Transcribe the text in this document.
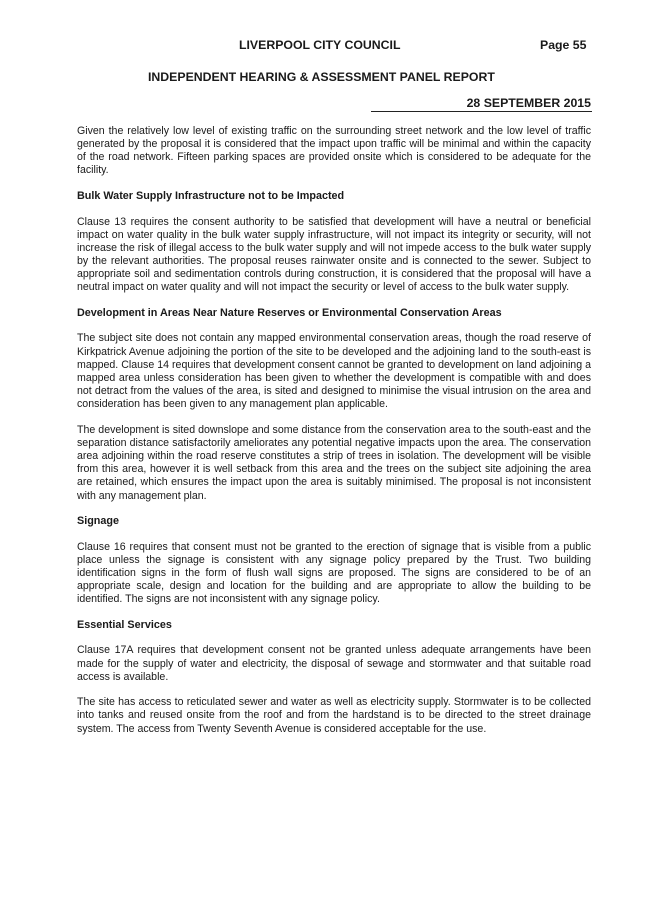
LIVERPOOL CITY COUNCIL	Page 55
INDEPENDENT HEARING & ASSESSMENT PANEL REPORT
28 SEPTEMBER 2015

Given the relatively low level of existing traffic on the surrounding street network and the low level of traffic generated by the proposal it is considered that the impact upon traffic will be minimal and within the capacity of the road network. Fifteen parking spaces are provided onsite which is considered to be adequate for the facility.

Bulk Water Supply Infrastructure not to be Impacted

Clause 13 requires the consent authority to be satisfied that development will have a neutral or beneficial impact on water quality in the bulk water supply infrastructure, will not impact its integrity or security, will not increase the risk of illegal access to the bulk water supply and will not impede access to the bulk water supply by the relevant authorities. The proposal reuses rainwater onsite and is connected to the sewer. Subject to appropriate soil and sedimentation controls during construction, it is considered that the proposal will have a neutral impact on water quality and will not impact the security or level of access to the bulk water supply.

Development in Areas Near Nature Reserves or Environmental Conservation Areas

The subject site does not contain any mapped environmental conservation areas, though the road reserve of Kirkpatrick Avenue adjoining the portion of the site to be developed and the adjoining land to the south-east is mapped. Clause 14 requires that development consent cannot be granted to development on land adjoining a mapped area unless consideration has been given to whether the development is compatible with and does not detract from the values of the area, is sited and designed to minimise the visual intrusion on the area and consideration has been given to any management plan applicable.

The development is sited downslope and some distance from the conservation area to the south-east and the separation distance satisfactorily ameliorates any potential negative impacts upon the area. The conservation area adjoining within the road reserve constitutes a strip of trees in isolation. The development will be visible from this area, however it is well setback from this area and the trees on the subject site adjoining the area are retained, which ensures the impact upon the area is suitably minimised. The proposal is not inconsistent with any management plan.

Signage

Clause 16 requires that consent must not be granted to the erection of signage that is visible from a public place unless the signage is consistent with any signage policy prepared by the Trust. Two building identification signs in the form of flush wall signs are proposed. The signs are considered to be of an appropriate scale, design and location for the building and are appropriate to allow the building to be identified. The signs are not inconsistent with any signage policy.

Essential Services

Clause 17A requires that development consent not be granted unless adequate arrangements have been made for the supply of water and electricity, the disposal of sewage and stormwater and that suitable road access is available.

The site has access to reticulated sewer and water as well as electricity supply. Stormwater is to be collected into tanks and reused onsite from the roof and from the hardstand is to be directed to the street drainage system. The access from Twenty Seventh Avenue is considered acceptable for the use.
